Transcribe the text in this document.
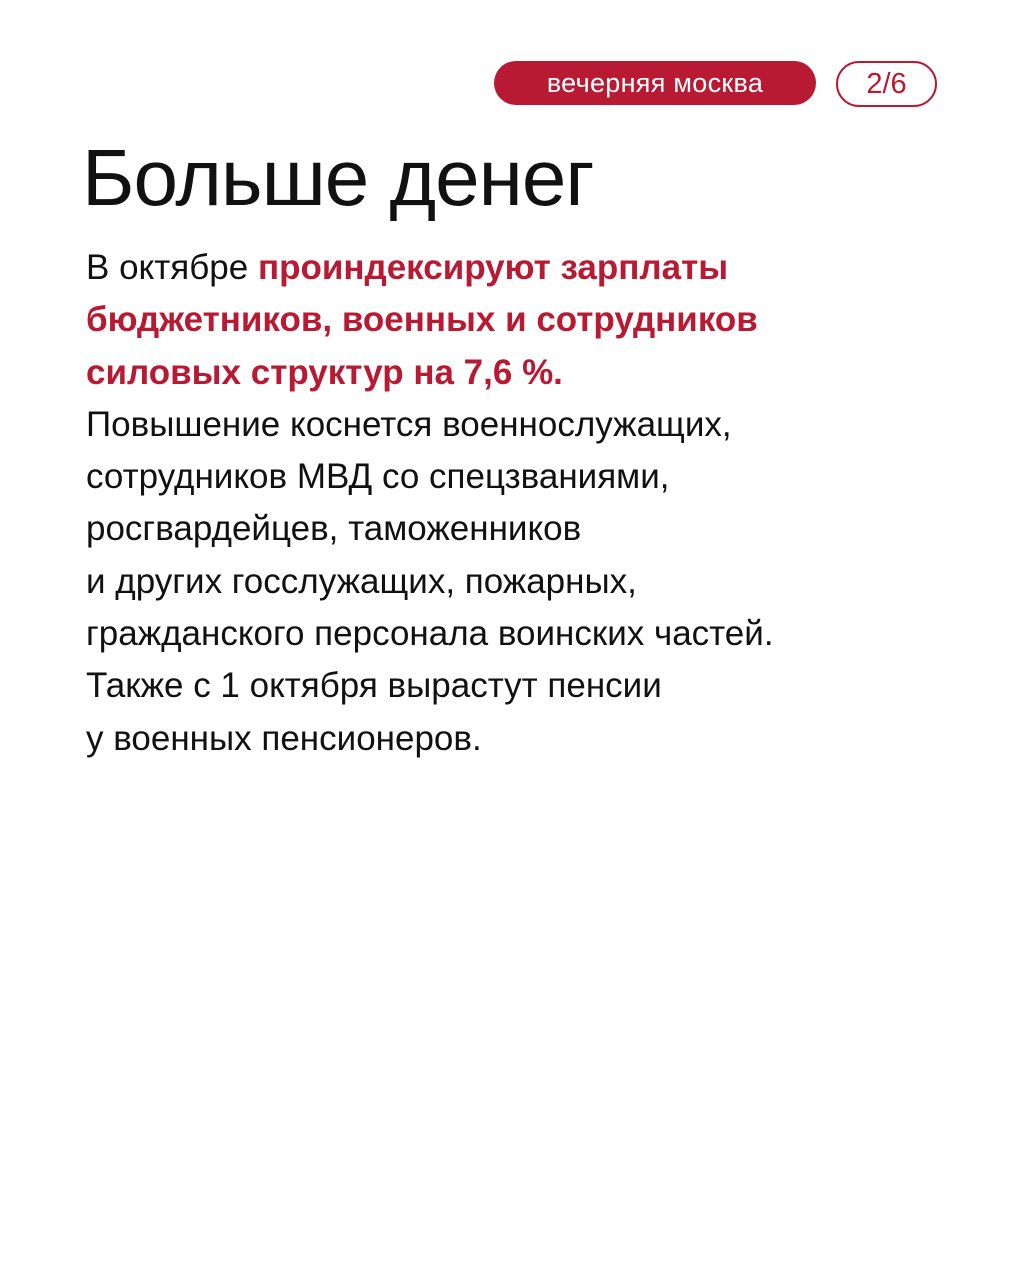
вечерняя москва	2/6
Больше денег
В октябре проиндексируют зарплаты
бюджетников, военных и сотрудников
силовых структур на 7,6 %.
Повышение коснется военнослужащих,
сотрудников МВД со спецзваниями,
росгвардейцев, таможенников
и других госслужащих, пожарных,
гражданского персонала воинских частей.
Также с 1 октября вырастут пенсии
у военных пенсионеров.
